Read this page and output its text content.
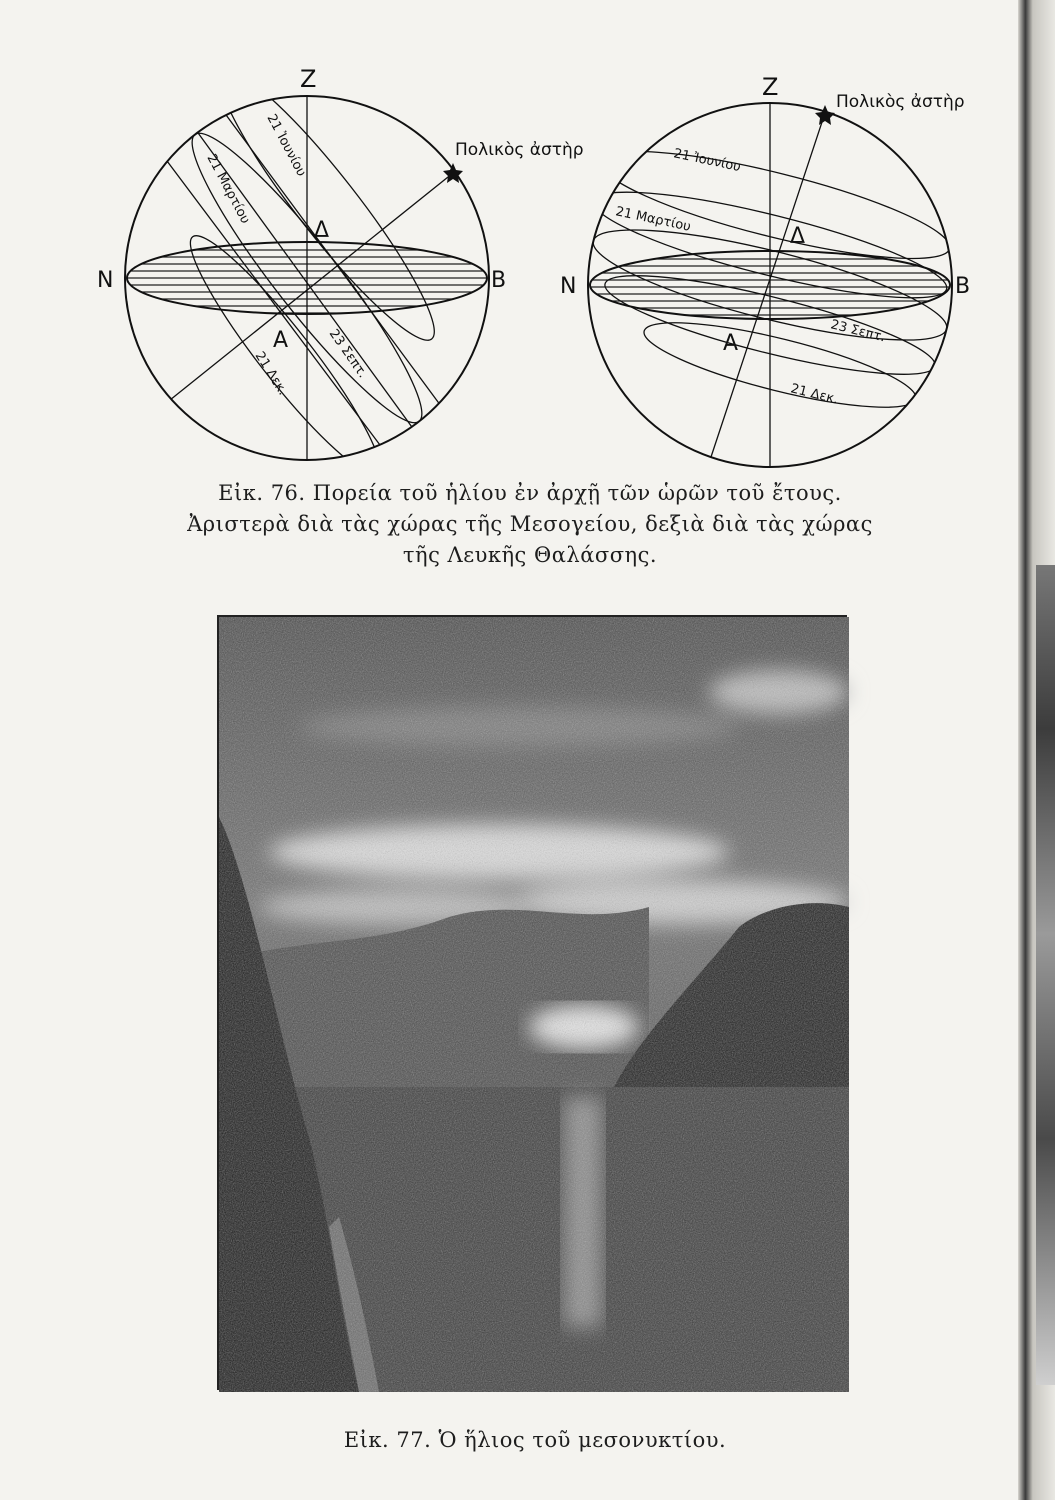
Z
N	B
A
Δ
Πολικὸς ἀστὴρ
21 Ἰουνίου
21 Μαρτίου
23 Σεπτ.
21 Δεκ.
Z
N	B
A
Δ
Πολικὸς ἀστὴρ
21 Ἰουνίου
21 Μαρτίου
23 Σεπτ.
21 Δεκ.
Εἰκ. 76. Πορεία τοῦ ἡλίου ἐν ἀρχῇ τῶν ὡρῶν τοῦ ἔτους.
Ἀριστερὰ διὰ τὰς χώρας τῆς Μεσογείου, δεξιὰ διὰ τὰς χώρας
τῆς Λευκῆς Θαλάσσης.
Εἰκ. 77. Ὁ ἥλιος τοῦ μεσονυκτίου.
